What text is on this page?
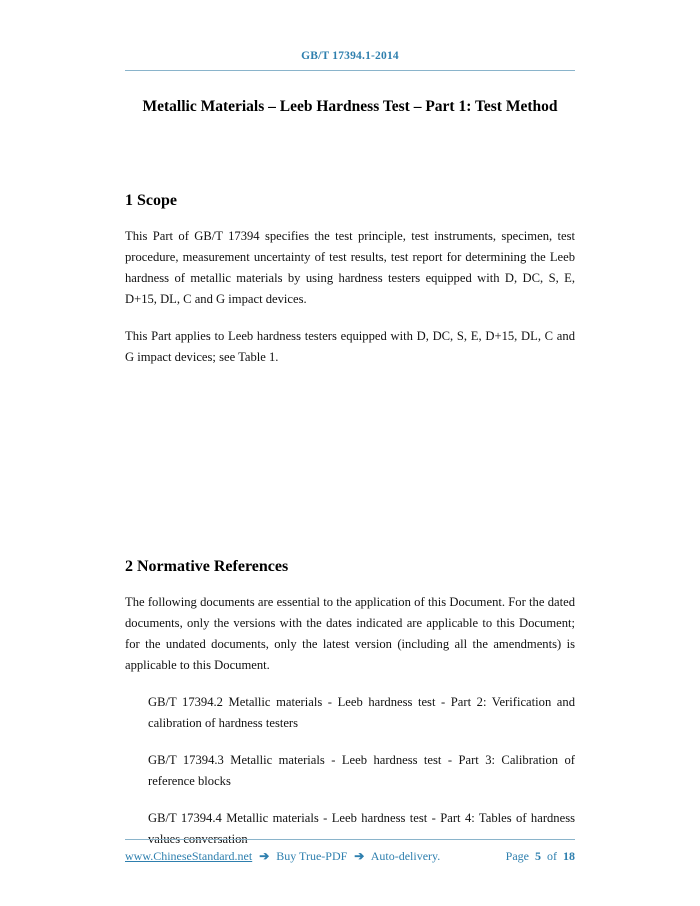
GB/T 17394.1-2014
Metallic Materials – Leeb Hardness Test – Part 1: Test Method
1 Scope

This Part of GB/T 17394 specifies the test principle, test instruments, specimen, test procedure, measurement uncertainty of test results, test report for determining the Leeb hardness of metallic materials by using hardness testers equipped with D, DC, S, E, D+15, DL, C and G impact devices.

This Part applies to Leeb hardness testers equipped with D, DC, S, E, D+15, DL, C and G impact devices; see Table 1.

2 Normative References

The following documents are essential to the application of this Document. For the dated documents, only the versions with the dates indicated are applicable to this Document; for the undated documents, only the latest version (including all the amendments) is applicable to this Document.

GB/T 17394.2 Metallic materials - Leeb hardness test - Part 2: Verification and calibration of hardness testers

GB/T 17394.3 Metallic materials - Leeb hardness test - Part 3: Calibration of reference blocks

GB/T 17394.4 Metallic materials - Leeb hardness test - Part 4: Tables of hardness values conversation

www.ChineseStandard.net ➔ Buy True-PDF ➔ Auto-delivery.	Page 5 of 18
